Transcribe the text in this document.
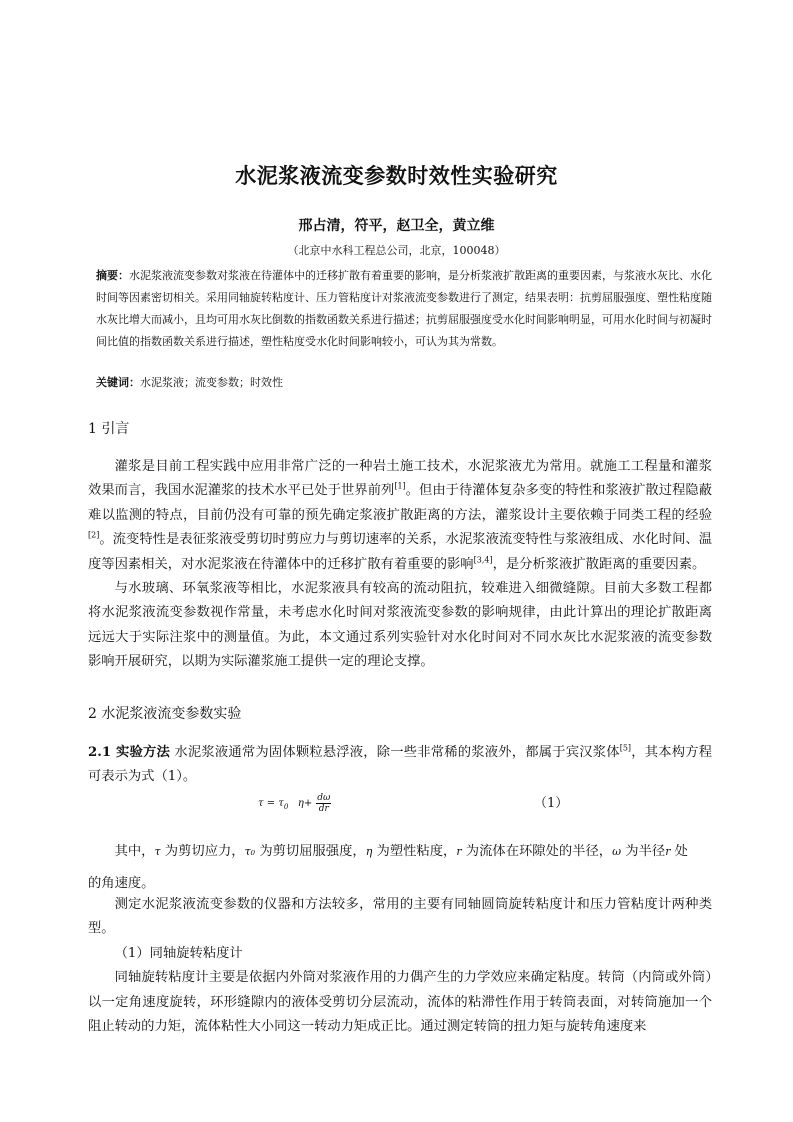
水泥浆液流变参数时效性实验研究
邢占清，符平，赵卫全，黄立维
（北京中水科工程总公司，北京，100048）
摘要：水泥浆液流变参数对浆液在待灌体中的迁移扩散有着重要的影响，是分析浆液扩散距离的重要因素，与浆液水灰比、水化时间等因素密切相关。采用同轴旋转粘度计、压力管粘度计对浆液流变参数进行了测定，结果表明：抗剪屈服强度、塑性粘度随水灰比增大而减小，且均可用水灰比倒数的指数函数关系进行描述；抗剪屈服强度受水化时间影响明显，可用水化时间与初凝时间比值的指数函数关系进行描述，塑性粘度受水化时间影响较小，可认为其为常数。
关键词：水泥浆液；流变参数；时效性
1 引言

灌浆是目前工程实践中应用非常广泛的一种岩土施工技术，水泥浆液尤为常用。就施工工程量和灌浆效果而言，我国水泥灌浆的技术水平已处于世界前列[1]。但由于待灌体复杂多变的特性和浆液扩散过程隐蔽难以监测的特点，目前仍没有可靠的预先确定浆液扩散距离的方法，灌浆设计主要依赖于同类工程的经验[2]。流变特性是表征浆液受剪切时剪应力与剪切速率的关系，水泥浆液流变特性与浆液组成、水化时间、温度等因素相关，对水泥浆液在待灌体中的迁移扩散有着重要的影响[3,4]，是分析浆液扩散距离的重要因素。

与水玻璃、环氧浆液等相比，水泥浆液具有较高的流动阻抗，较难进入细微缝隙。目前大多数工程都将水泥浆液流变参数视作常量，未考虑水化时间对浆液流变参数的影响规律，由此计算出的理论扩散距离远远大于实际注浆中的测量值。为此，本文通过系列实验针对水化时间对不同水灰比水泥浆液的流变参数影响开展研究，以期为实际灌浆施工提供一定的理论支撑。

2 水泥浆液流变参数实验
2.1 实验方法 水泥浆液通常为固体颗粒悬浮液，除一些非常稀的浆液外，都属于宾汉浆体[5]，其本构方程可表示为式（1）。
$\tau = \tau_0$ $\eta+ \frac{d\omega}{dr}$	（1）
其中，τ 为剪切应力，τ₀ 为剪切屈服强度，η 为塑性粘度，r 为流体在环隙处的半径，ω 为半径r 处
的角速度。

测定水泥浆液流变参数的仪器和方法较多，常用的主要有同轴圆筒旋转粘度计和压力管粘度计两种类型。

（1）同轴旋转粘度计

同轴旋转粘度计主要是依据内外筒对浆液作用的力偶产生的力学效应来确定粘度。转筒（内筒或外筒）以一定角速度旋转，环形缝隙内的液体受剪切分层流动，流体的粘滞性作用于转筒表面，对转筒施加一个阻止转动的力矩，流体粘性大小同这一转动力矩成正比。通过测定转筒的扭力矩与旋转角速度来
